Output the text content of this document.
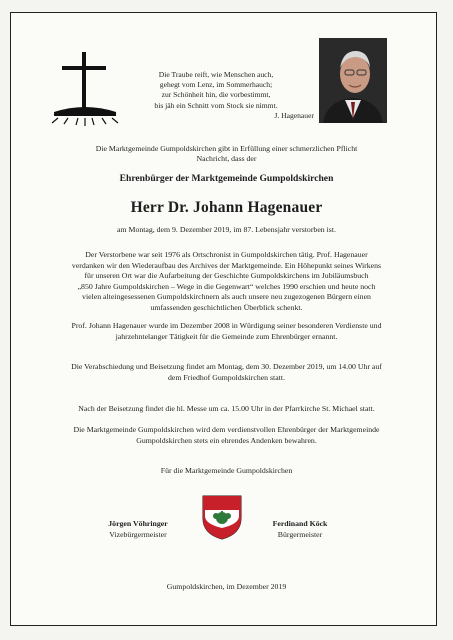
Die Traube reift, wie Menschen auch,
gehegt vom Lenz, im Sommerhauch;
zur Schönheit hin, die vorbestimmt,
bis jäh ein Schnitt vom Stock sie nimmt.
J. Hagenauer
Die Marktgemeinde Gumpoldskirchen gibt in Erfüllung einer schmerzlichen Pflicht
Nachricht, dass der
Ehrenbürger der Marktgemeinde Gumpoldskirchen
Herr Dr. Johann Hagenauer
am Montag, dem 9. Dezember 2019, im 87. Lebensjahr verstorben ist.
Der Verstorbene war seit 1976 als Ortschronist in Gumpoldskirchen tätig. Prof. Hagenauer
verdanken wir den Wiederaufbau des Archives der Marktgemeinde. Ein Höhepunkt seines Wirkens
für unseren Ort war die Aufarbeitung der Geschichte Gumpoldskirchens im Jubiläumsbuch
„850 Jahre Gumpoldskirchen – Wege in die Gegenwart“ welches 1990 erschien und heute noch
vielen alteingesessenen Gumpoldskirchnern als auch unsere neu zugezogenen Bürgern einen
umfassenden geschichtlichen Überblick schenkt.
Prof. Johann Hagenauer wurde im Dezember 2008 in Würdigung seiner besonderen Verdienste und
jahrzehntelanger Tätigkeit für die Gemeinde zum Ehrenbürger ernannt.
Die Verabschiedung und Beisetzung findet am Montag, dem 30. Dezember 2019, um 14.00 Uhr auf
dem Friedhof Gumpoldskirchen statt.
Nach der Beisetzung findet die hl. Messe um ca. 15.00 Uhr in der Pfarrkirche St. Michael statt.
Die Marktgemeinde Gumpoldskirchen wird dem verdienstvollen Ehrenbürger der Marktgemeinde
Gumpoldskirchen stets ein ehrendes Andenken bewahren.
Für die Marktgemeinde Gumpoldskirchen
Jörgen Vöhringer
Vizebürgermeister
Ferdinand Köck
Bürgermeister
Gumpoldskirchen, im Dezember 2019
